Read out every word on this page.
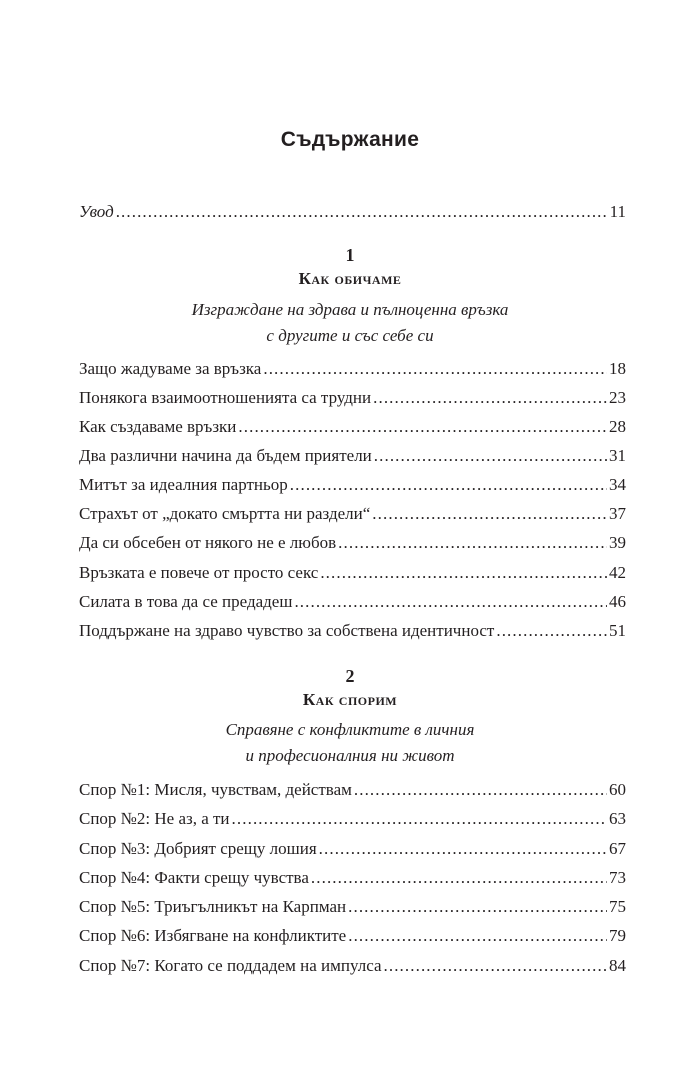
Съдържание
Увод .....	11
1
Как обичаме
Изграждане на здрава и пълноценна връзка
с другите и със себе си
Защо жадуваме за връзка .....	18
Понякога взаимоотношенията са трудни .....	23
Как създаваме връзки .....	28
Два различни начина да бъдем приятели .....	31
Митът за идеалния партньор .....	34
Страхът от „докато смъртта ни раздели“ .....	37
Да си обсебен от някого не е любов .....	39
Връзката е повече от просто секс .....	42
Силата в това да се предадеш .....	46
Поддържане на здраво чувство за собствена идентичност .....	51
2
Как спорим
Справяне с конфликтите в личния
и професионалния ни живот
Спор №1: Мисля, чувствам, действам .....	60
Спор №2: Не аз, а ти .....	63
Спор №3: Добрият срещу лошия .....	67
Спор №4: Факти срещу чувства .....	73
Спор №5: Триъгълникът на Карпман .....	75
Спор №6: Избягване на конфликтите .....	79
Спор №7: Когато се поддадем на импулса .....	84
